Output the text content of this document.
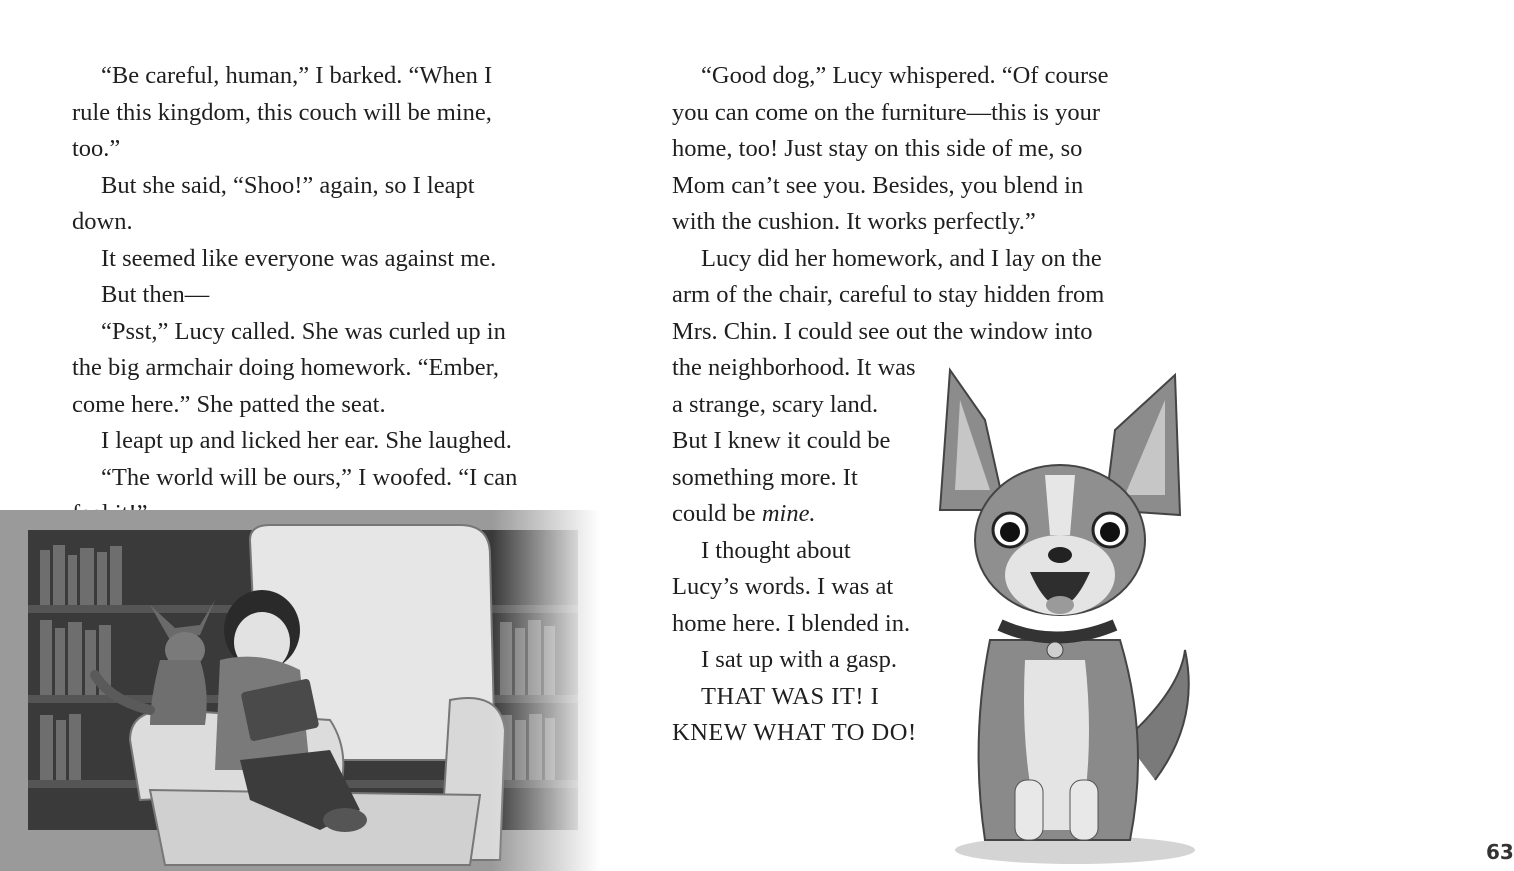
“Be careful, human,” I barked. “When I rule this kingdom, this couch will be mine, too.”

But she said, “Shoo!” again, so I leapt down.

It seemed like everyone was against me.

But then—

“Psst,” Lucy called. She was curled up in the big armchair doing homework. “Ember, come here.” She patted the seat.

I leapt up and licked her ear. She laughed.

“The world will be ours,” I woofed. “I can

“Good dog,” Lucy whispered. “Of course you can come on the furniture—this is your home, too! Just stay on this side of me, so Mom can’t see you. Besides, you blend in with the cushion. It works perfectly.”

Lucy did her homework, and I lay on the arm of the chair, careful to stay hidden from Mrs. Chin. I could see out the window into

the neighborhood. It was a strange, scary land. But I knew it could be something more. It could be mine.

I thought about Lucy’s words. I was at home here. I blended in.

I sat up with a gasp.

THAT WAS IT! I KNEW WHAT TO DO!

63
